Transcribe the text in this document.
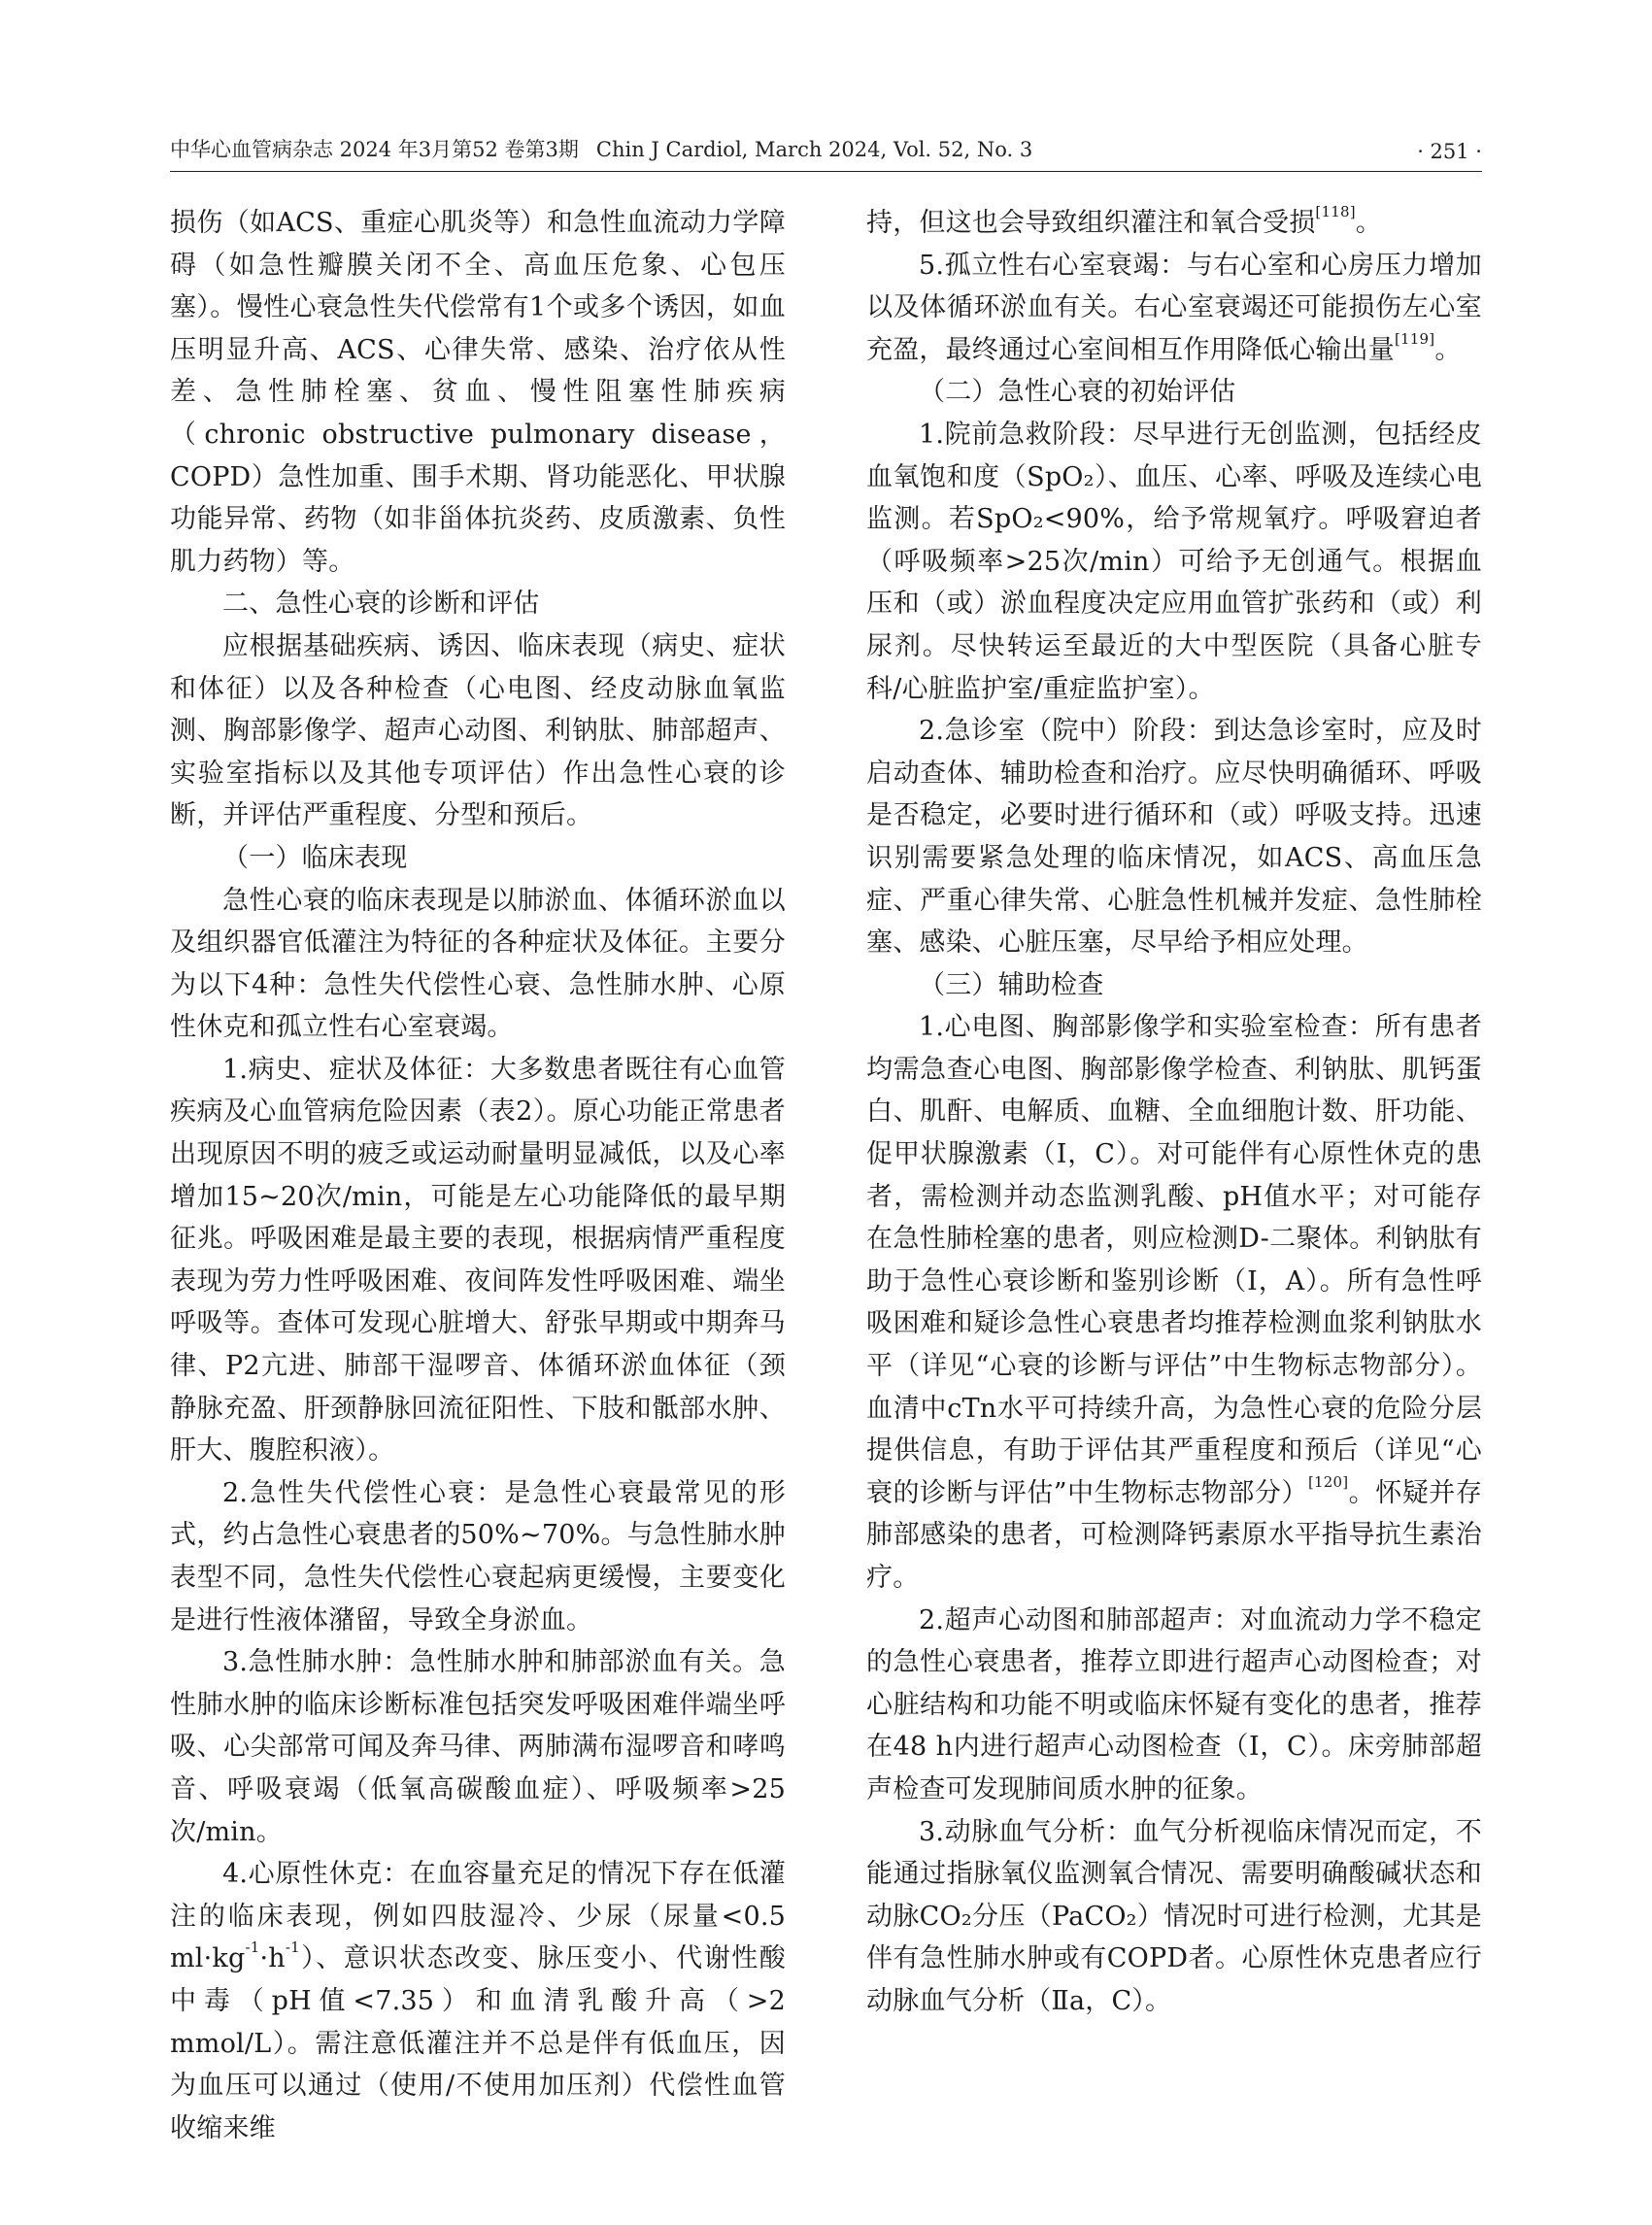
中华心血管病杂志 2024 年3月第52 卷第3期 Chin J Cardiol, March 2024, Vol. 52, No. 3	· 251 ·

损伤（如ACS、重症心肌炎等）和急性血流动力学障碍（如急性瓣膜关闭不全、高血压危象、心包压塞）。慢性心衰急性失代偿常有1个或多个诱因，如血压明显升高、ACS、心律失常、感染、治疗依从性差、急性肺栓塞、贫血、慢性阻塞性肺疾病（chronic obstructive pulmonary disease，COPD）急性加重、围手术期、肾功能恶化、甲状腺功能异常、药物（如非甾体抗炎药、皮质激素、负性肌力药物）等。

二、急性心衰的诊断和评估

应根据基础疾病、诱因、临床表现（病史、症状和体征）以及各种检查（心电图、经皮动脉血氧监测、胸部影像学、超声心动图、利钠肽、肺部超声、实验室指标以及其他专项评估）作出急性心衰的诊断，并评估严重程度、分型和预后。

（一）临床表现

急性心衰的临床表现是以肺淤血、体循环淤血以及组织器官低灌注为特征的各种症状及体征。主要分为以下4种：急性失代偿性心衰、急性肺水肿、心原性休克和孤立性右心室衰竭。

1.病史、症状及体征：大多数患者既往有心血管疾病及心血管病危险因素（表2）。原心功能正常患者出现原因不明的疲乏或运动耐量明显减低，以及心率增加15~20次/min，可能是左心功能降低的最早期征兆。呼吸困难是最主要的表现，根据病情严重程度表现为劳力性呼吸困难、夜间阵发性呼吸困难、端坐呼吸等。查体可发现心脏增大、舒张早期或中期奔马律、P2亢进、肺部干湿啰音、体循环淤血体征（颈静脉充盈、肝颈静脉回流征阳性、下肢和骶部水肿、肝大、腹腔积液）。

2.急性失代偿性心衰：是急性心衰最常见的形式，约占急性心衰患者的50%~70%。与急性肺水肿表型不同，急性失代偿性心衰起病更缓慢，主要变化是进行性液体潴留，导致全身淤血。

3.急性肺水肿：急性肺水肿和肺部淤血有关。急性肺水肿的临床诊断标准包括突发呼吸困难伴端坐呼吸、心尖部常可闻及奔马律、两肺满布湿啰音和哮鸣音、呼吸衰竭（低氧高碳酸血症）、呼吸频率>25次/min。

4.心原性休克：在血容量充足的情况下存在低灌注的临床表现，例如四肢湿冷、少尿（尿量<0.5 $ml\cdot kg^{-1}\cdot h^{-1}$）、意识状态改变、脉压变小、代谢性酸中毒（pH值<7.35）和血清乳酸升高（>2 mmol/L）。需注意低灌注并不总是伴有低血压，因为血压可以通过（使用/不使用加压剂）代偿性血管收缩来维

持，但这也会导致组织灌注和氧合受损[118]。

5.孤立性右心室衰竭：与右心室和心房压力增加以及体循环淤血有关。右心室衰竭还可能损伤左心室充盈，最终通过心室间相互作用降低心输出量[119]。

（二）急性心衰的初始评估

1.院前急救阶段：尽早进行无创监测，包括经皮血氧饱和度（SpO₂）、血压、心率、呼吸及连续心电监测。若SpO₂<90%，给予常规氧疗。呼吸窘迫者（呼吸频率>25次/min）可给予无创通气。根据血压和（或）淤血程度决定应用血管扩张药和（或）利尿剂。尽快转运至最近的大中型医院（具备心脏专科/心脏监护室/重症监护室）。

2.急诊室（院中）阶段：到达急诊室时，应及时启动查体、辅助检查和治疗。应尽快明确循环、呼吸是否稳定，必要时进行循环和（或）呼吸支持。迅速识别需要紧急处理的临床情况，如ACS、高血压急症、严重心律失常、心脏急性机械并发症、急性肺栓塞、感染、心脏压塞，尽早给予相应处理。

（三）辅助检查

1.心电图、胸部影像学和实验室检查：所有患者均需急查心电图、胸部影像学检查、利钠肽、肌钙蛋白、肌酐、电解质、血糖、全血细胞计数、肝功能、促甲状腺激素（Ⅰ，C）。对可能伴有心原性休克的患者，需检测并动态监测乳酸、pH值水平；对可能存在急性肺栓塞的患者，则应检测D-二聚体。利钠肽有助于急性心衰诊断和鉴别诊断（Ⅰ，A）。所有急性呼吸困难和疑诊急性心衰患者均推荐检测血浆利钠肽水平（详见“心衰的诊断与评估”中生物标志物部分）。血清中cTn水平可持续升高，为急性心衰的危险分层提供信息，有助于评估其严重程度和预后（详见“心衰的诊断与评估”中生物标志物部分）[120]。怀疑并存肺部感染的患者，可检测降钙素原水平指导抗生素治疗。

2.超声心动图和肺部超声：对血流动力学不稳定的急性心衰患者，推荐立即进行超声心动图检查；对心脏结构和功能不明或临床怀疑有变化的患者，推荐在48 h内进行超声心动图检查（Ⅰ，C）。床旁肺部超声检查可发现肺间质水肿的征象。

3.动脉血气分析：血气分析视临床情况而定，不能通过指脉氧仪监测氧合情况、需要明确酸碱状态和动脉CO₂分压（PaCO₂）情况时可进行检测，尤其是伴有急性肺水肿或有COPD者。心原性休克患者应行动脉血气分析（Ⅱa，C）。
